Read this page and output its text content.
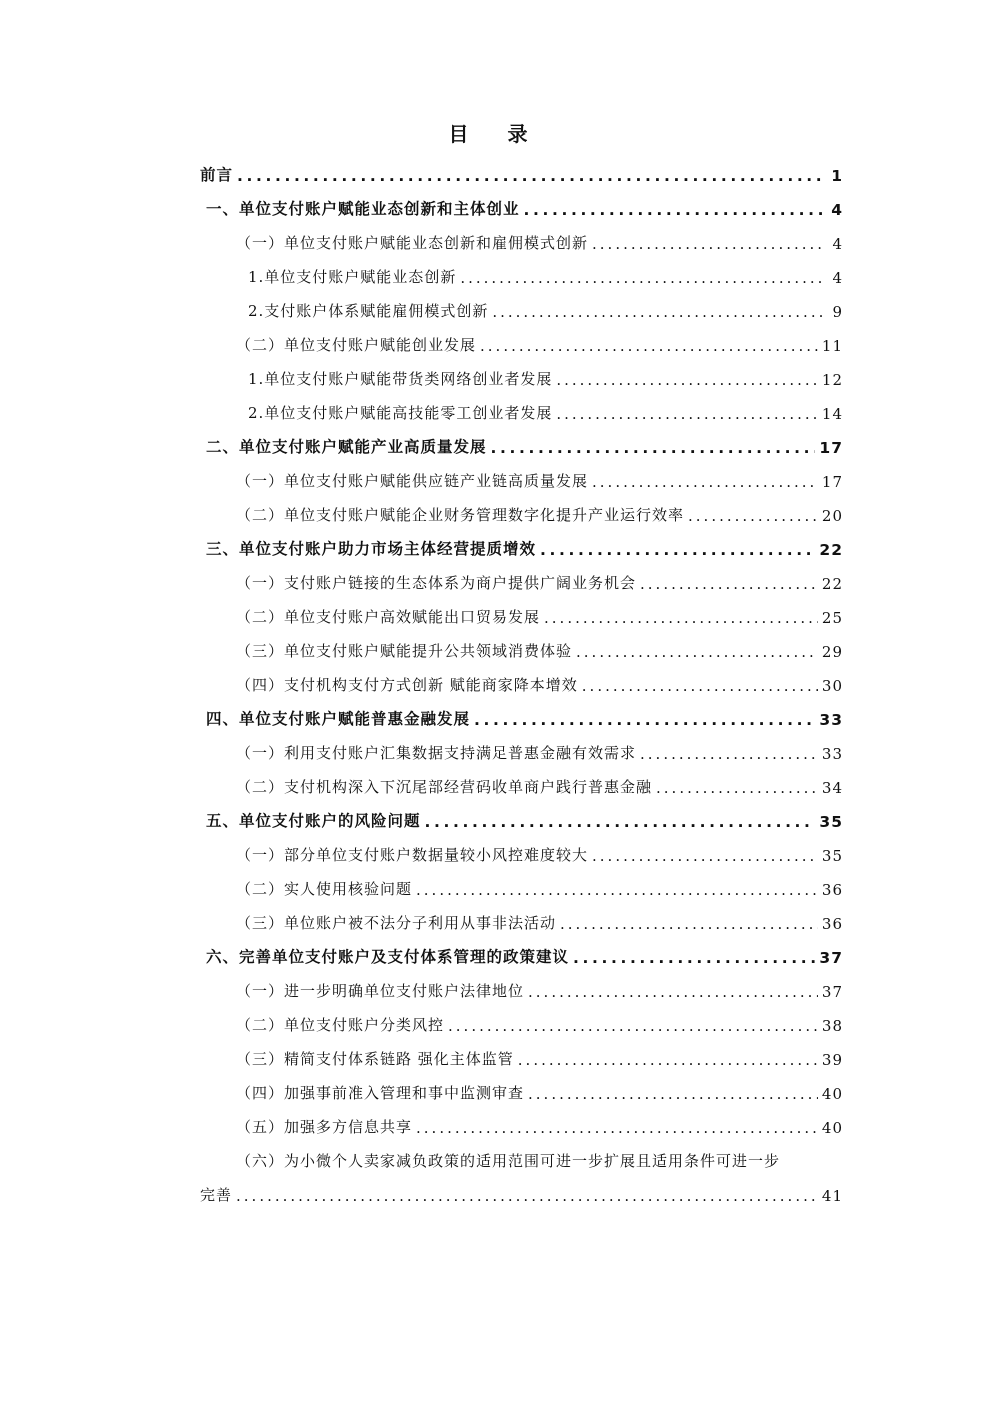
目 录
前言 .....	1
一、单位支付账户赋能业态创新和主体创业 .....	4
（一）单位支付账户赋能业态创新和雇佣模式创新 .....	4
1.单位支付账户赋能业态创新 .....	4
2.支付账户体系赋能雇佣模式创新 .....	9
（二）单位支付账户赋能创业发展 .....	11
1.单位支付账户赋能带货类网络创业者发展 .....	12
2.单位支付账户赋能高技能零工创业者发展 .....	14
二、单位支付账户赋能产业高质量发展 .....	17
（一）单位支付账户赋能供应链产业链高质量发展 .....	17
（二）单位支付账户赋能企业财务管理数字化提升产业运行效率 .....	20
三、单位支付账户助力市场主体经营提质增效 .....	22
（一）支付账户链接的生态体系为商户提供广阔业务机会 .....	22
（二）单位支付账户高效赋能出口贸易发展 .....	25
（三）单位支付账户赋能提升公共领域消费体验 .....	29
（四）支付机构支付方式创新 赋能商家降本增效 .....	30
四、单位支付账户赋能普惠金融发展 .....	33
（一）利用支付账户汇集数据支持满足普惠金融有效需求 .....	33
（二）支付机构深入下沉尾部经营码收单商户践行普惠金融 .....	34
五、单位支付账户的风险问题 .....	35
（一）部分单位支付账户数据量较小风控难度较大 .....	35
（二）实人使用核验问题 .....	36
（三）单位账户被不法分子利用从事非法活动 .....	36
六、完善单位支付账户及支付体系管理的政策建议 .....	37
（一）进一步明确单位支付账户法律地位 .....	37
（二）单位支付账户分类风控 .....	38
（三）精简支付体系链路 强化主体监管 .....	39
（四）加强事前准入管理和事中监测审查 .....	40
（五）加强多方信息共享 .....	40
（六）为小微个人卖家减负政策的适用范围可进一步扩展且适用条件可进一步
完善 .....	41
